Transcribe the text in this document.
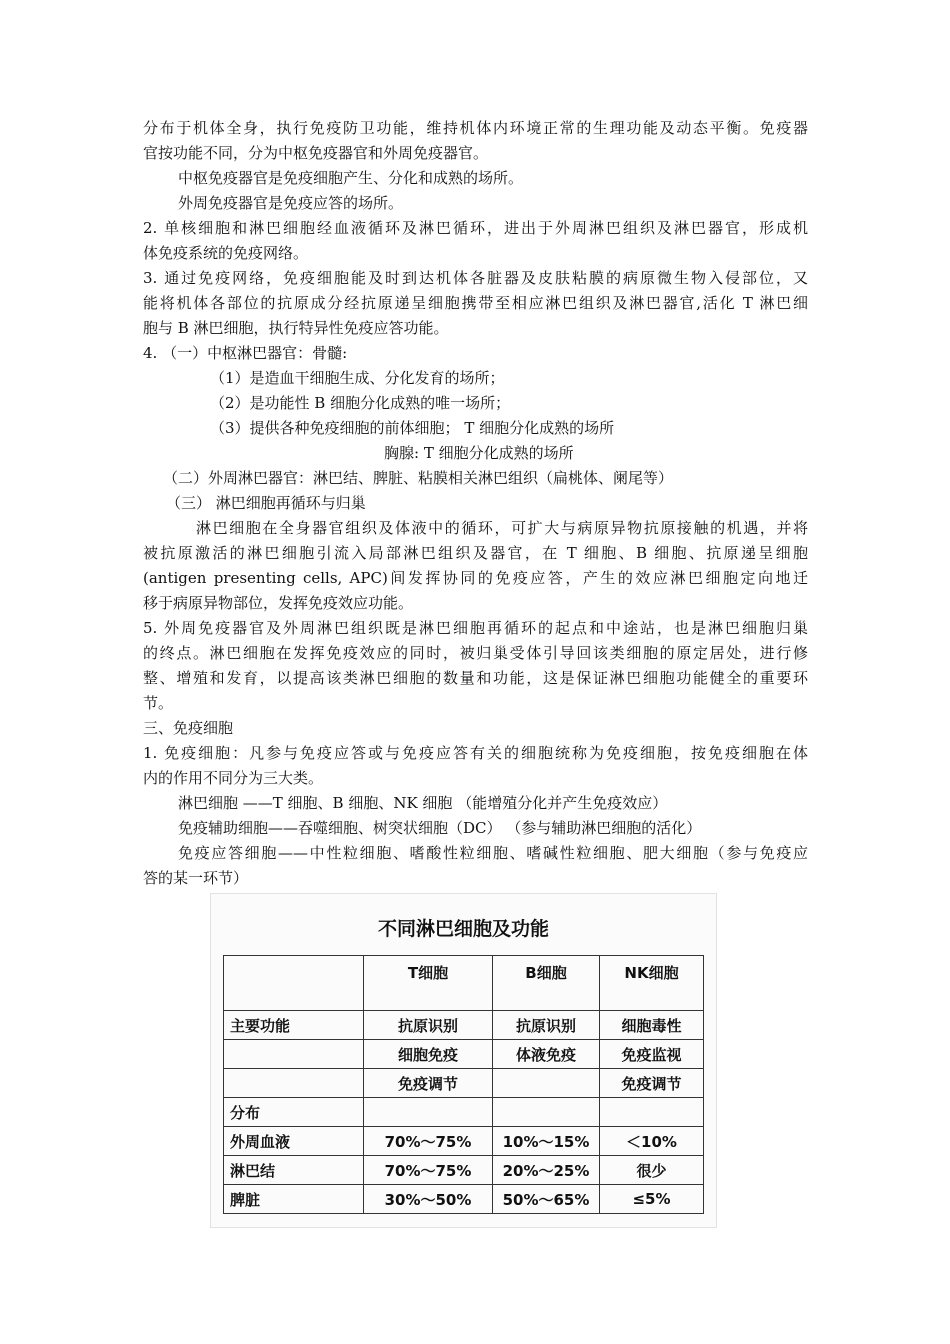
分布于机体全身，执行免疫防卫功能，维持机体内环境正常的生理功能及动态平衡。免疫器
官按功能不同，分为中枢免疫器官和外周免疫器官。
中枢免疫器官是免疫细胞产生、分化和成熟的场所。
外周免疫器官是免疫应答的场所。
2. 单核细胞和淋巴细胞经血液循环及淋巴循环，进出于外周淋巴组织及淋巴器官，形成机
体免疫系统的免疫网络。
3. 通过免疫网络，免疫细胞能及时到达机体各脏器及皮肤粘膜的病原微生物入侵部位，又
能将机体各部位的抗原成分经抗原递呈细胞携带至相应淋巴组织及淋巴器官,活化 T 淋巴细
胞与 B 淋巴细胞，执行特异性免疫应答功能。
4. （一）中枢淋巴器官：骨髓:
（1）是造血干细胞生成、分化发育的场所；
（2）是功能性 B 细胞分化成熟的唯一场所；
（3）提供各种免疫细胞的前体细胞； T 细胞分化成熟的场所
胸腺: T 细胞分化成熟的场所
（二）外周淋巴器官：淋巴结、脾脏、粘膜相关淋巴组织（扁桃体、阑尾等）
（三） 淋巴细胞再循环与归巢
淋巴细胞在全身器官组织及体液中的循环，可扩大与病原异物抗原接触的机遇，并将
被抗原激活的淋巴细胞引流入局部淋巴组织及器官，在 T 细胞、B 细胞、抗原递呈细胞
(antigen presenting cells, APC)间发挥协同的免疫应答，产生的效应淋巴细胞定向地迁
移于病原异物部位，发挥免疫效应功能。
5. 外周免疫器官及外周淋巴组织既是淋巴细胞再循环的起点和中途站，也是淋巴细胞归巢
的终点。淋巴细胞在发挥免疫效应的同时，被归巢受体引导回该类细胞的原定居处，进行修
整、增殖和发育，以提高该类淋巴细胞的数量和功能，这是保证淋巴细胞功能健全的重要环
节。
三、免疫细胞
1. 免疫细胞：凡参与免疫应答或与免疫应答有关的细胞统称为免疫细胞，按免疫细胞在体
内的作用不同分为三大类。
淋巴细胞 ——T 细胞、B 细胞、NK 细胞 （能增殖分化并产生免疫效应）
免疫辅助细胞——吞噬细胞、树突状细胞（DC） （参与辅助淋巴细胞的活化）
免疫应答细胞——中性粒细胞、嗜酸性粒细胞、嗜碱性粒细胞、肥大细胞（参与免疫应
答的某一环节）
不同淋巴细胞及功能
	T细胞	B细胞	NK细胞
主要功能	抗原识别	抗原识别	细胞毒性
	细胞免疫	体液免疫	免疫监视
	免疫调节		免疫调节
分布			
外周血液	70%～75%	10%～15%	＜10%
淋巴结	70%～75%	20%～25%	很少
脾脏	30%～50%	50%～65%	≤5%
